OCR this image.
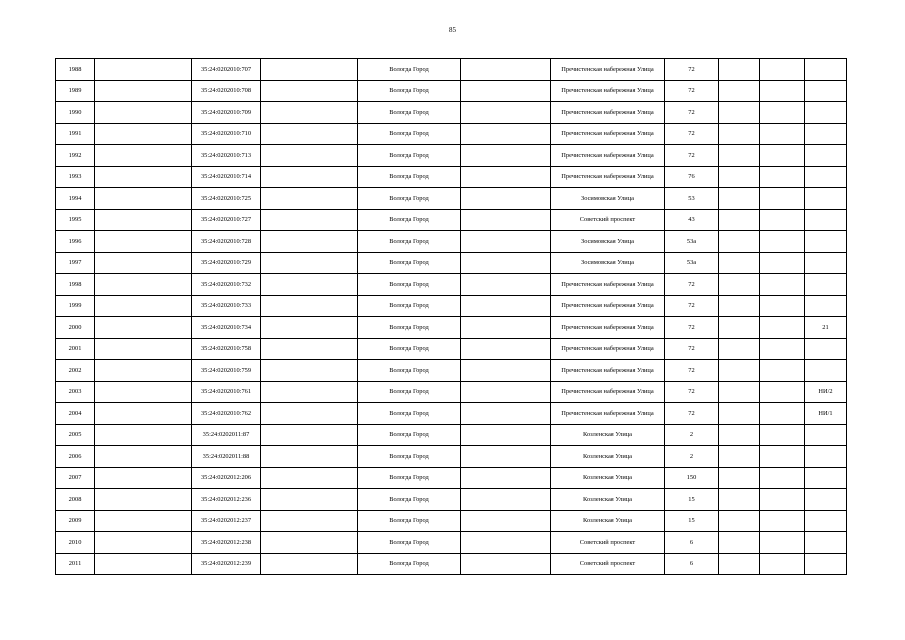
85
1988		35:24:0202010:707		Вологда Город		Пречистенская набережная Улица	72			
1989		35:24:0202010:708		Вологда Город		Пречистенская набережная Улица	72			
1990		35:24:0202010:709		Вологда Город		Пречистенская набережная Улица	72			
1991		35:24:0202010:710		Вологда Город		Пречистенская набережная Улица	72			
1992		35:24:0202010:713		Вологда Город		Пречистенская набережная Улица	72			
1993		35:24:0202010:714		Вологда Город		Пречистенская набережная Улица	76			
1994		35:24:0202010:725		Вологда Город		Зосимовская Улица	53			
1995		35:24:0202010:727		Вологда Город		Советский проспект	43			
1996		35:24:0202010:728		Вологда Город		Зосимовская Улица	53а			
1997		35:24:0202010:729		Вологда Город		Зосимовская Улица	53а			
1998		35:24:0202010:732		Вологда Город		Пречистенская набережная Улица	72			
1999		35:24:0202010:733		Вологда Город		Пречистенская набережная Улица	72			
2000		35:24:0202010:734		Вологда Город		Пречистенская набережная Улица	72			21
2001		35:24:0202010:758		Вологда Город		Пречистенская набережная Улица	72			
2002		35:24:0202010:759		Вологда Город		Пречистенская набережная Улица	72			
2003		35:24:0202010:761		Вологда Город		Пречистенская набережная Улица	72			НИ/2
2004		35:24:0202010:762		Вологда Город		Пречистенская набережная Улица	72			НИ/1
2005		35:24:0202011:87		Вологда Город		Козленская Улица	2			
2006		35:24:0202011:88		Вологда Город		Козленская Улица	2			
2007		35:24:0202012:206		Вологда Город		Козленская Улица	150			
2008		35:24:0202012:236		Вологда Город		Козленская Улица	15			
2009		35:24:0202012:237		Вологда Город		Козленская Улица	15			
2010		35:24:0202012:238		Вологда Город		Советский проспект	6			
2011		35:24:0202012:239		Вологда Город		Советский проспект	6			
